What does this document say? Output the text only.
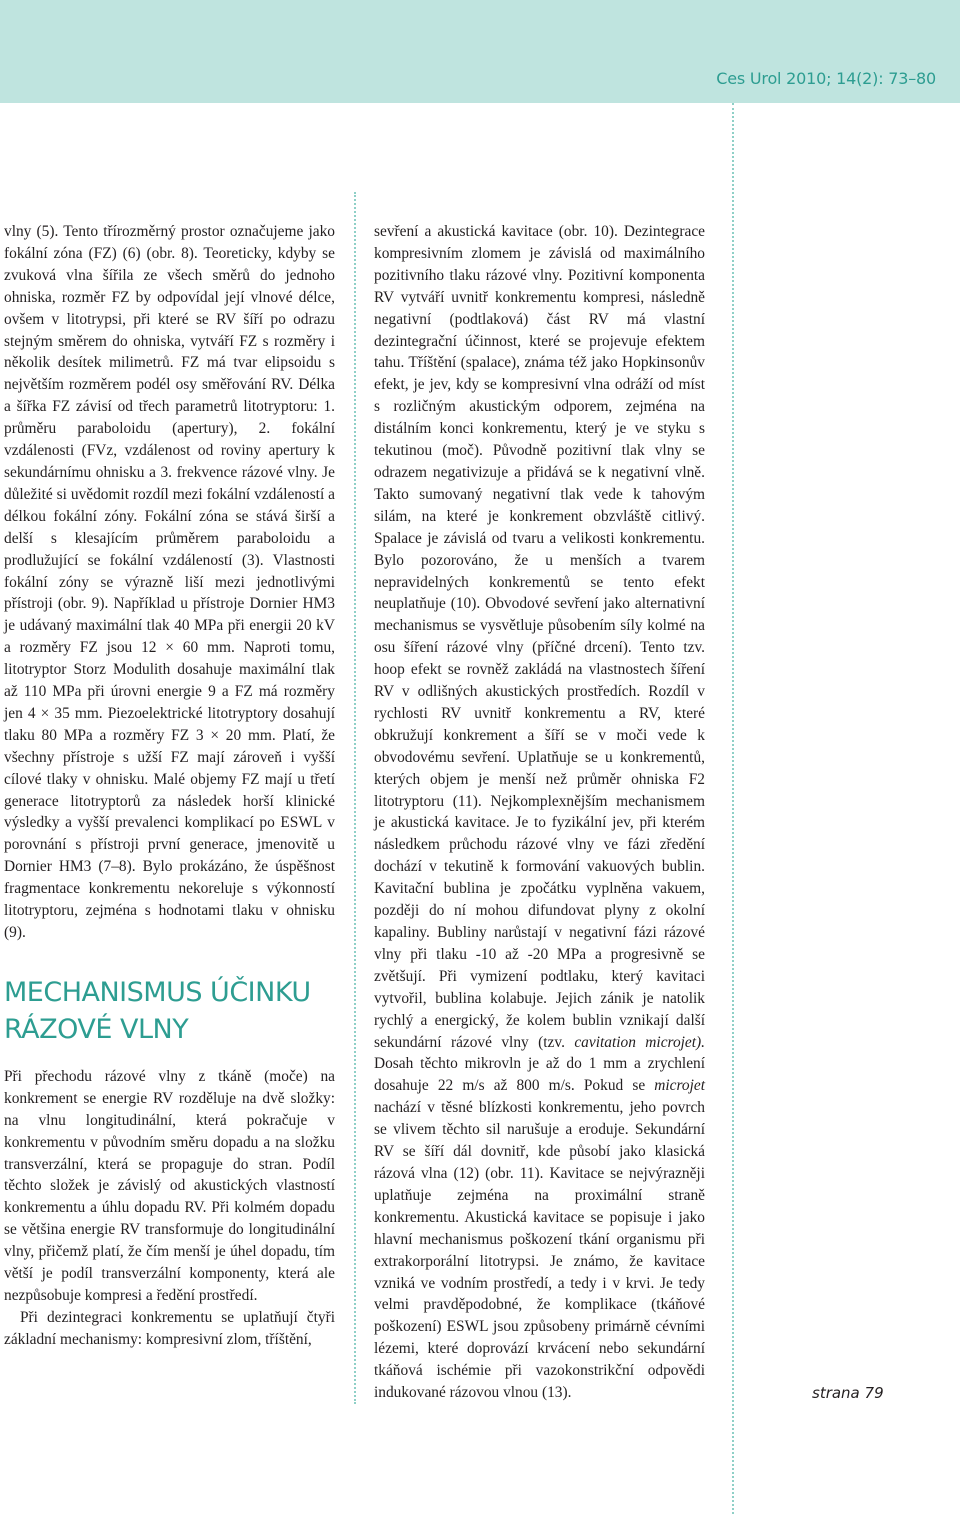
Ces Urol 2010; 14(2): 73–80

vlny (5). Tento třírozměrný prostor označujeme jako fokální zóna (FZ) (6) (obr. 8). Teoreticky, kdyby se zvuková vlna šířila ze všech směrů do jednoho ohniska, rozměr FZ by odpovídal její vlnové délce, ovšem v litotrypsi, při které se RV šíří po odrazu stejným směrem do ohniska, vytváří FZ s rozměry i několik desítek milimetrů. FZ má tvar elipsoidu s největším rozměrem podél osy směřování RV. Délka a šířka FZ závisí od třech parametrů litotryptoru: 1. průměru paraboloidu (apertury), 2. fokální vzdálenosti (FVz, vzdálenost od roviny apertury k sekundárnímu ohnisku a 3. frekvence rázové vlny. Je důležité si uvědomit rozdíl mezi fokální vzdáleností a délkou fokální zóny. Fokální zóna se stává širší a delší s klesajícím průměrem paraboloidu a prodlužující se fokální vzdáleností (3). Vlastnosti fokální zóny se výrazně liší mezi jednotlivými přístroji (obr. 9). Například u přístroje Dornier HM3 je udávaný maximální tlak 40 MPa při energii 20 kV a rozměry FZ jsou 12 × 60 mm. Naproti tomu, litotryptor Storz Modulith dosahuje maximální tlak až 110 MPa při úrovni energie 9 a FZ má rozměry jen 4 × 35 mm. Piezoelektrické litotryptory dosahují tlaku 80 MPa a rozměry FZ 3 × 20 mm. Platí, že všechny přístroje s užší FZ mají zároveň i vyšší cílové tlaky v ohnisku. Malé objemy FZ mají u třetí generace litotryptorů za následek horší klinické výsledky a vyšší prevalenci komplikací po ESWL v porovnání s přístroji první generace, jmenovitě u Dornier HM3 (7–8). Bylo prokázáno, že úspěšnost fragmentace konkrementu nekoreluje s výkonností litotryptoru, zejména s hodnotami tlaku v ohnisku (9).

MECHANISMUS ÚČINKU
RÁZOVÉ VLNY

Při přechodu rázové vlny z tkáně (moče) na konkrement se energie RV rozděluje na dvě složky: na vlnu longitudinální, která pokračuje v konkrementu v původním směru dopadu a na složku transverzální, která se propaguje do stran. Podíl těchto složek je závislý od akustických vlastností konkrementu a úhlu dopadu RV. Při kolmém dopadu se většina energie RV transformuje do longitudinální vlny, přičemž platí, že čím menší je úhel dopadu, tím větší je podíl transverzální komponenty, která ale nezpůsobuje kompresi a ředění prostředí.

Při dezintegraci konkrementu se uplatňují čtyři základní mechanismy: kompresivní zlom, tříštění,

sevření a akustická kavitace (obr. 10). Dezintegrace kompresivním zlomem je závislá od maximálního pozitivního tlaku rázové vlny. Pozitivní komponenta RV vytváří uvnitř konkrementu kompresi, následně negativní (podtlaková) část RV má vlastní dezintegrační účinnost, které se projevuje efektem tahu. Tříštění (spalace), známa též jako Hopkinsonův efekt, je jev, kdy se kompresivní vlna odráží od míst s rozličným akustickým odporem, zejména na distálním konci konkrementu, který je ve styku s tekutinou (moč). Původně pozitivní tlak vlny se odrazem negativizuje a přidává se k negativní vlně. Takto sumovaný negativní tlak vede k tahovým silám, na které je konkrement obzvláště citlivý. Spalace je závislá od tvaru a velikosti konkrementu. Bylo pozorováno, že u menších a tvarem nepravidelných konkrementů se tento efekt neuplatňuje (10). Obvodové sevření jako alternativní mechanismus se vysvětluje působením síly kolmé na osu šíření rázové vlny (příčné drcení). Tento tzv. hoop efekt se rovněž zakládá na vlastnostech šíření RV v odlišných akustických prostředích. Rozdíl v rychlosti RV uvnitř konkrementu a RV, které obkružují konkrement a šíří se v moči vede k obvodovému sevření. Uplatňuje se u konkrementů, kterých objem je menší než průměr ohniska F2 litotryptoru (11). Nejkomplexnějším mechanismem je akustická kavitace. Je to fyzikální jev, při kterém následkem průchodu rázové vlny ve fázi zředění dochází v tekutině k formování vakuových bublin. Kavitační bublina je zpočátku vyplněna vakuem, později do ní mohou difundovat plyny z okolní kapaliny. Bubliny narůstají v negativní fázi rázové vlny při tlaku -10 až -20 MPa a progresivně se zvětšují. Při vymizení podtlaku, který kavitaci vytvořil, bublina kolabuje. Jejich zánik je natolik rychlý a energický, že kolem bublin vznikají další sekundární rázové vlny (tzv. cavitation microjet). Dosah těchto mikrovln je až do 1 mm a zrychlení dosahuje 22 m/s až 800 m/s. Pokud se microjet nachází v těsné blízkosti konkrementu, jeho povrch se vlivem těchto sil narušuje a eroduje. Sekundární RV se šíří dál dovnitř, kde působí jako klasická rázová vlna (12) (obr. 11). Kavitace se nejvýrazněji uplatňuje zejména na proximální straně konkrementu. Akustická kavitace se popisuje i jako hlavní mechanismus poškození tkání organismu při extrakorporální litotrypsi. Je známo, že kavitace vzniká ve vodním prostředí, a tedy i v krvi. Je tedy velmi pravděpodobné, že komplikace (tkáňové poškození) ESWL jsou způsobeny primárně cévními lézemi, které doprovází krvácení nebo sekundární tkáňová ischémie při vazokonstrikční odpovědi indukované rázovou vlnou (13).	strana 79
